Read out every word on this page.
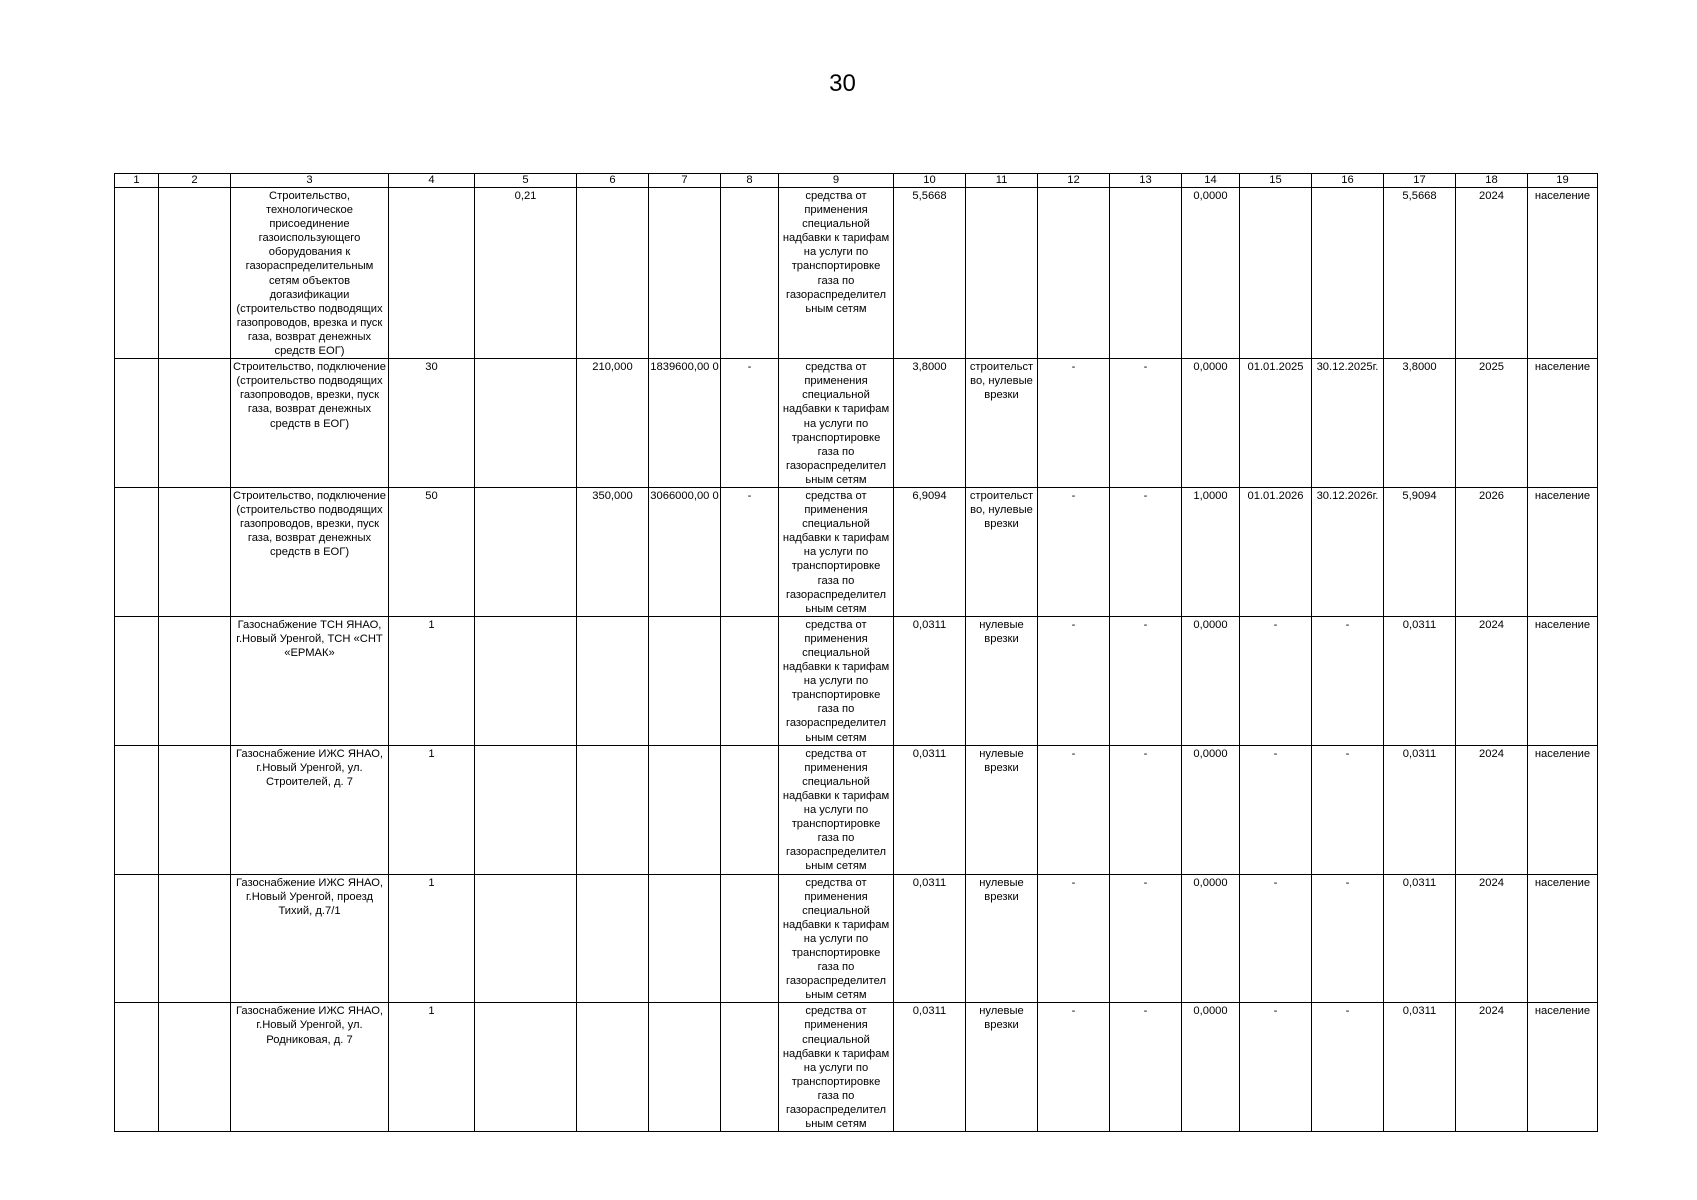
30
1	2	3	4	5	6	7	8	9	10	11	12	13	14	15	16	17	18	19
		Строительство, технологическое присоединение газоиспользующего оборудования к газораспределительным сетям объектов догазификации (строительство подводящих газопроводов, врезка и пуск газа, возврат денежных средств ЕОГ)		0,21				средства от применения специальной надбавки к тарифам на услуги по транспортировке газа по газораспределител ьным сетям	5,5668				0,0000			5,5668	2024	население
		Строительство, подключение (строительство подводящих газопроводов, врезки, пуск газа, возврат денежных средств в ЕОГ)	30		210,000	1839600,00 0	-	средства от применения специальной надбавки к тарифам на услуги по транспортировке газа по газораспределител ьным сетям	3,8000	строительст во, нулевые врезки	-	-	0,0000	01.01.2025	30.12.2025г.	3,8000	2025	население
		Строительство, подключение (строительство подводящих газопроводов, врезки, пуск газа, возврат денежных средств в ЕОГ)	50		350,000	3066000,00 0	-	средства от применения специальной надбавки к тарифам на услуги по транспортировке газа по газораспределител ьным сетям	6,9094	строительст во, нулевые врезки	-	-	1,0000	01.01.2026	30.12.2026г.	5,9094	2026	население
		Газоснабжение ТСН ЯНАО, г.Новый Уренгой, ТСН «СНТ «ЕРМАК»	1					средства от применения специальной надбавки к тарифам на услуги по транспортировке газа по газораспределител ьным сетям	0,0311	нулевые врезки	-	-	0,0000	-	-	0,0311	2024	население
		Газоснабжение ИЖС ЯНАО, г.Новый Уренгой, ул. Строителей, д. 7	1					средства от применения специальной надбавки к тарифам на услуги по транспортировке газа по газораспределител ьным сетям	0,0311	нулевые врезки	-	-	0,0000	-	-	0,0311	2024	население
		Газоснабжение ИЖС ЯНАО, г.Новый Уренгой, проезд Тихий, д.7/1	1					средства от применения специальной надбавки к тарифам на услуги по транспортировке газа по газораспределител ьным сетям	0,0311	нулевые врезки	-	-	0,0000	-	-	0,0311	2024	население
		Газоснабжение ИЖС ЯНАО, г.Новый Уренгой, ул. Родниковая, д. 7	1					средства от применения специальной надбавки к тарифам на услуги по транспортировке газа по газораспределител ьным сетям	0,0311	нулевые врезки	-	-	0,0000	-	-	0,0311	2024	население
